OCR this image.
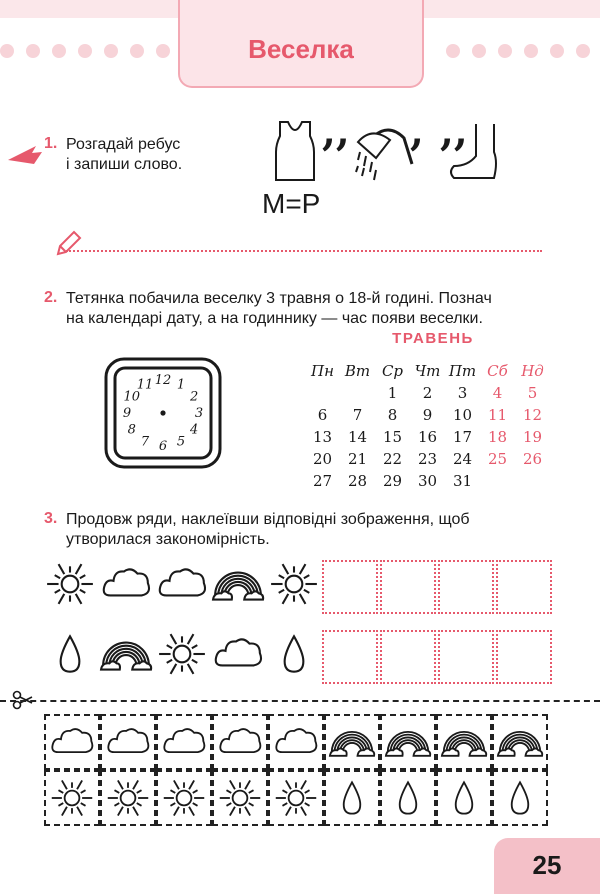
Веселка
1. Розгадай ребус
і запиши слово.
,, , ,,
М=Р
2. Тетянка побачила веселку 3 травня о 18-й годині. Познач
на календарі дату, а на годиннику — час появи веселки.
12 1
2
3
4
5
6
7
8
9
10
11
ТРАВЕНЬ
Пн	Вт	Ср	Чт	Пт	Сб	Нд
		1	2	3	4	5
6	7	8	9	10	11	12
13	14	15	16	17	18	19
20	21	22	23	24	25	26
27	28	29	30	31		
3. Продовж ряди, наклеївши відповідні зображення, щоб
утворилася закономірність.
25
